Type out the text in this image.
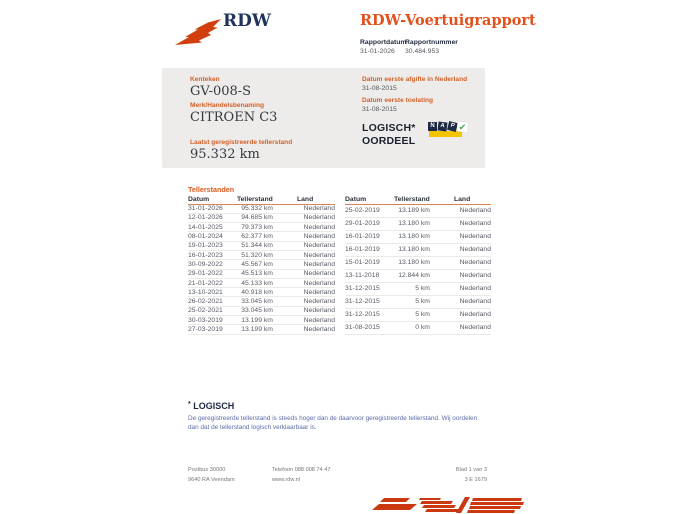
RDW	RDW-Voertuigrapport
Rapportdatum
31-01-2026
Rapportnummer
30.484.953
Kenteken
GV-008-S
Merk/Handelsbenaming
CITROEN C3
Laatst geregistreerde tellerstand
95.332 km
Datum eerste afgifte in Nederland
31-08-2015
Datum eerste toelating
31-08-2015
LOGISCH*
OORDEEL
N A P ✓
Tellerstanden
Datum	Tellerstand	Land
31-01-2026	95.332 km	Nederland
12-01-2026	94.685 km	Nederland
14-01-2025	79.373 km	Nederland
08-01-2024	62.377 km	Nederland
19-01-2023	51.344 km	Nederland
16-01-2023	51.320 km	Nederland
30-09-2022	45.567 km	Nederland
29-01-2022	45.513 km	Nederland
21-01-2022	45.133 km	Nederland
13-10-2021	40.918 km	Nederland
26-02-2021	33.045 km	Nederland
25-02-2021	33.045 km	Nederland
30-03-2019	13.199 km	Nederland
27-03-2019	13.199 km	Nederland
Datum	Tellerstand	Land
25-02-2019	13.189 km	Nederland
29-01-2019	13.180 km	Nederland
16-01-2019	13.180 km	Nederland
16-01-2019	13.180 km	Nederland
15-01-2019	13.180 km	Nederland
13-11-2018	12.844 km	Nederland
31-12-2015	5 km	Nederland
31-12-2015	5 km	Nederland
31-12-2015	5 km	Nederland
31-08-2015	0 km	Nederland
* LOGISCH
De geregistreerde tellerstand is steeds hoger dan de daarvoor geregistreerde tellerstand. Wij oordelen dan dat de tellerstand logisch verklaarbaar is.
Postbus 30000
9640 RA Veendam
Telefoon 088 008 74 47
www.rdw.nl
Blad 1 van 3
3 E 1679
